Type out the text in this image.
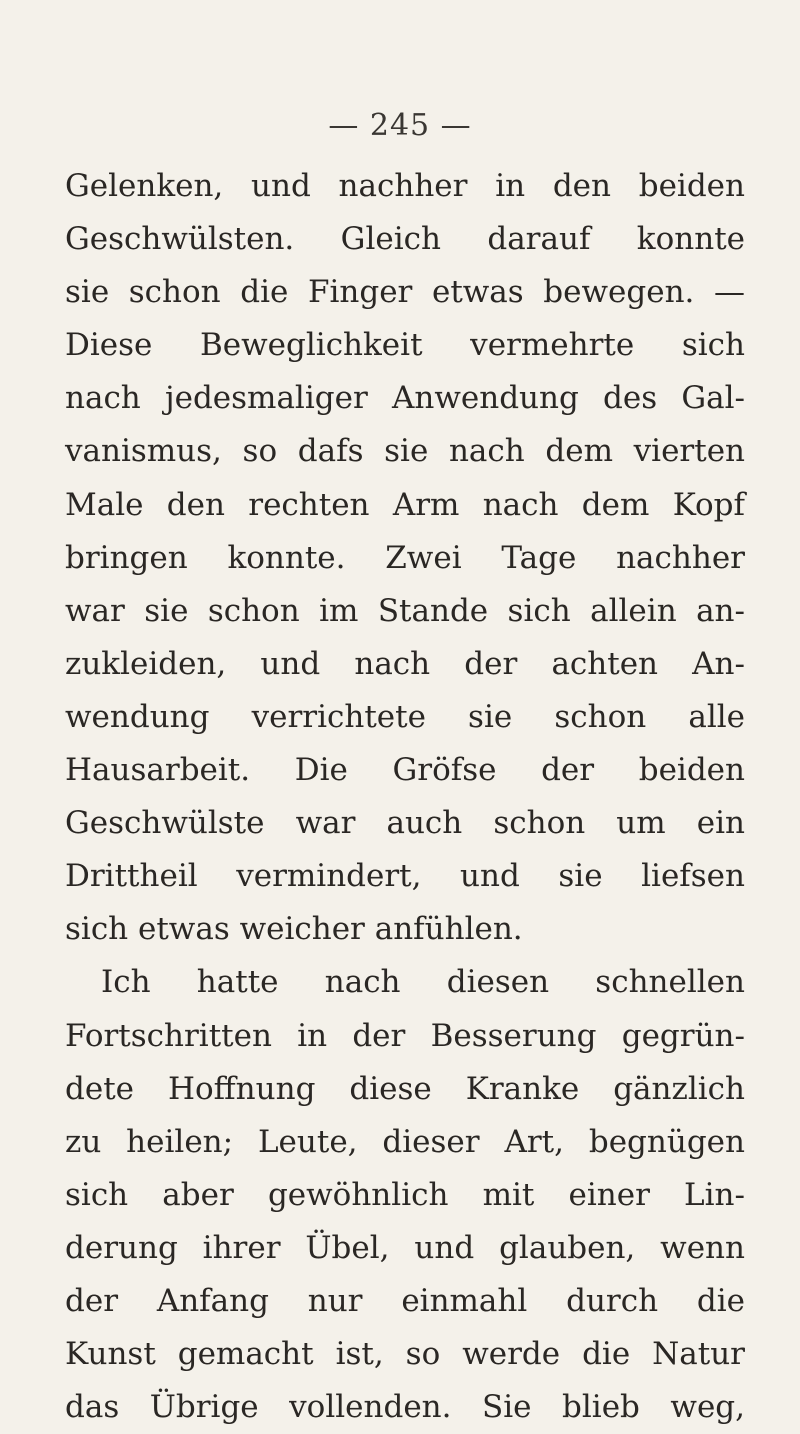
— 245 —
Gelenken, und nachher in den beiden
Geschwülsten. Gleich darauf konnte
sie schon die Finger etwas bewegen. —
Diese Beweglichkeit vermehrte sich
nach jedesmaliger Anwendung des Gal-
vanismus, so dafs sie nach dem vierten
Male den rechten Arm nach dem Kopf
bringen konnte. Zwei Tage nachher
war sie schon im Stande sich allein an-
zukleiden, und nach der achten An-
wendung verrichtete sie schon alle
Hausarbeit. Die Gröfse der beiden
Geschwülste war auch schon um ein
Drittheil vermindert, und sie liefsen
sich etwas weicher anfühlen.
Ich hatte nach diesen schnellen
Fortschritten in der Besserung gegrün-
dete Hoffnung diese Kranke gänzlich
zu heilen; Leute, dieser Art, begnügen
sich aber gewöhnlich mit einer Lin-
derung ihrer Übel, und glauben, wenn
der Anfang nur einmahl durch die
Kunst gemacht ist, so werde die Natur
das Übrige vollenden. Sie blieb weg,
